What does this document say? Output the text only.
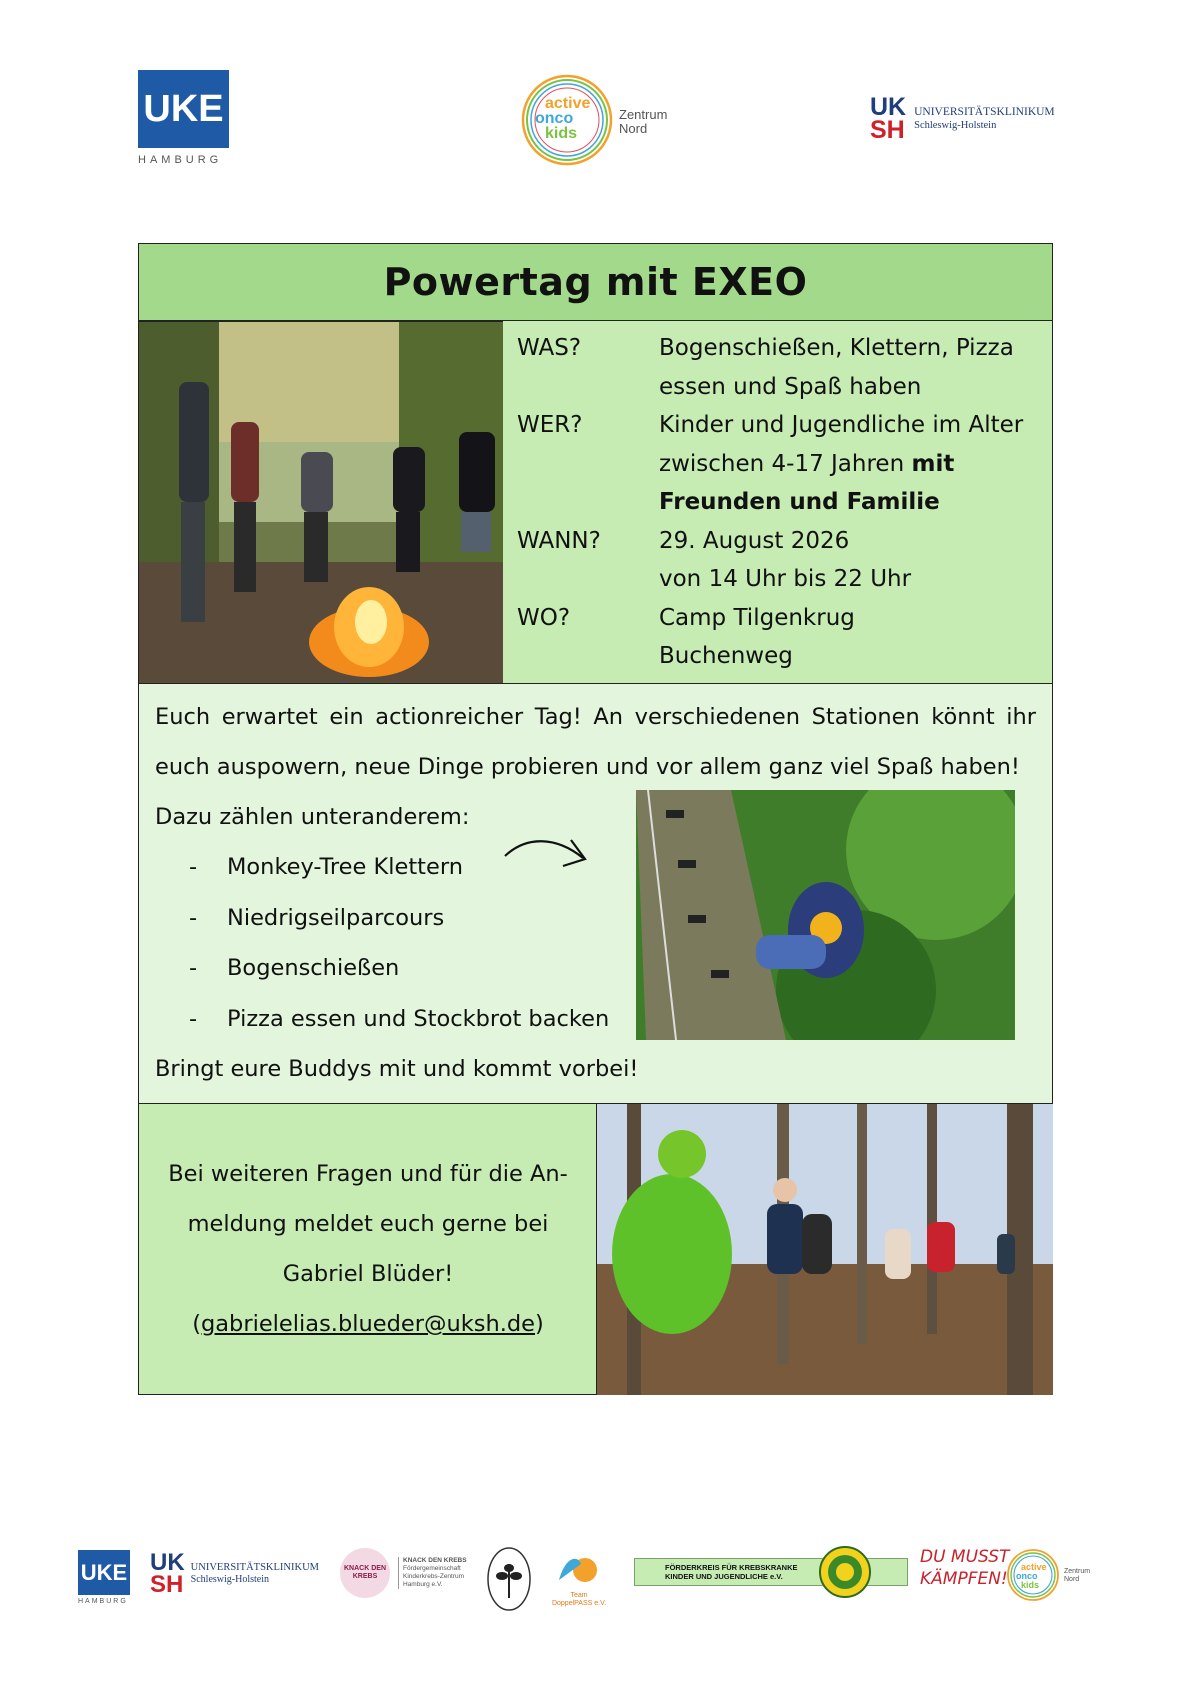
UKE
HAMBURG
active
onco
kids
Zentrum
Nord
UK
SH
UNIVERSITÄTSKLINIKUM
Schleswig-Holstein
Powertag mit EXEO
WAS?	Bogenschießen, Klettern, Pizza
essen und Spaß haben
WER?	Kinder und Jugendliche im Alter
zwischen 4-17 Jahren mit
Freunden und Familie
WANN?	29. August 2026
von 14 Uhr bis 22 Uhr
WO?	Camp Tilgenkrug
Buchenweg

Euch erwartet ein actionreicher Tag! An verschiedenen Stationen könnt ihr

euch auspowern, neue Dinge probieren und vor allem ganz viel Spaß haben!

Dazu zählen unteranderem:

-	Monkey-Tree Klettern
-	Niedrigseilparcours
-	Bogenschießen
-	Pizza essen und Stockbrot backen

Bringt eure Buddys mit und kommt vorbei!

Bei weiteren Fragen und für die An-

meldung meldet euch gerne bei

Gabriel Blüder!

(gabrielelias.blueder@uksh.de)

UKE
HAMBURG
UK
SH
UNIVERSITÄTSKLINIKUM
Schleswig-Holstein
KNACK DEN KREBS
KNACK DEN KREBS
Fördergemeinschaft
Kinderkrebs-Zentrum
Hamburg e.V.
Team
DoppelPASS e.V.
FÖRDERKREIS FÜR KREBSKRANKE
KINDER UND JUGENDLICHE e.V.
DU MUSST
KÄMPFEN!
active
onco
kids
Zentrum
Nord
